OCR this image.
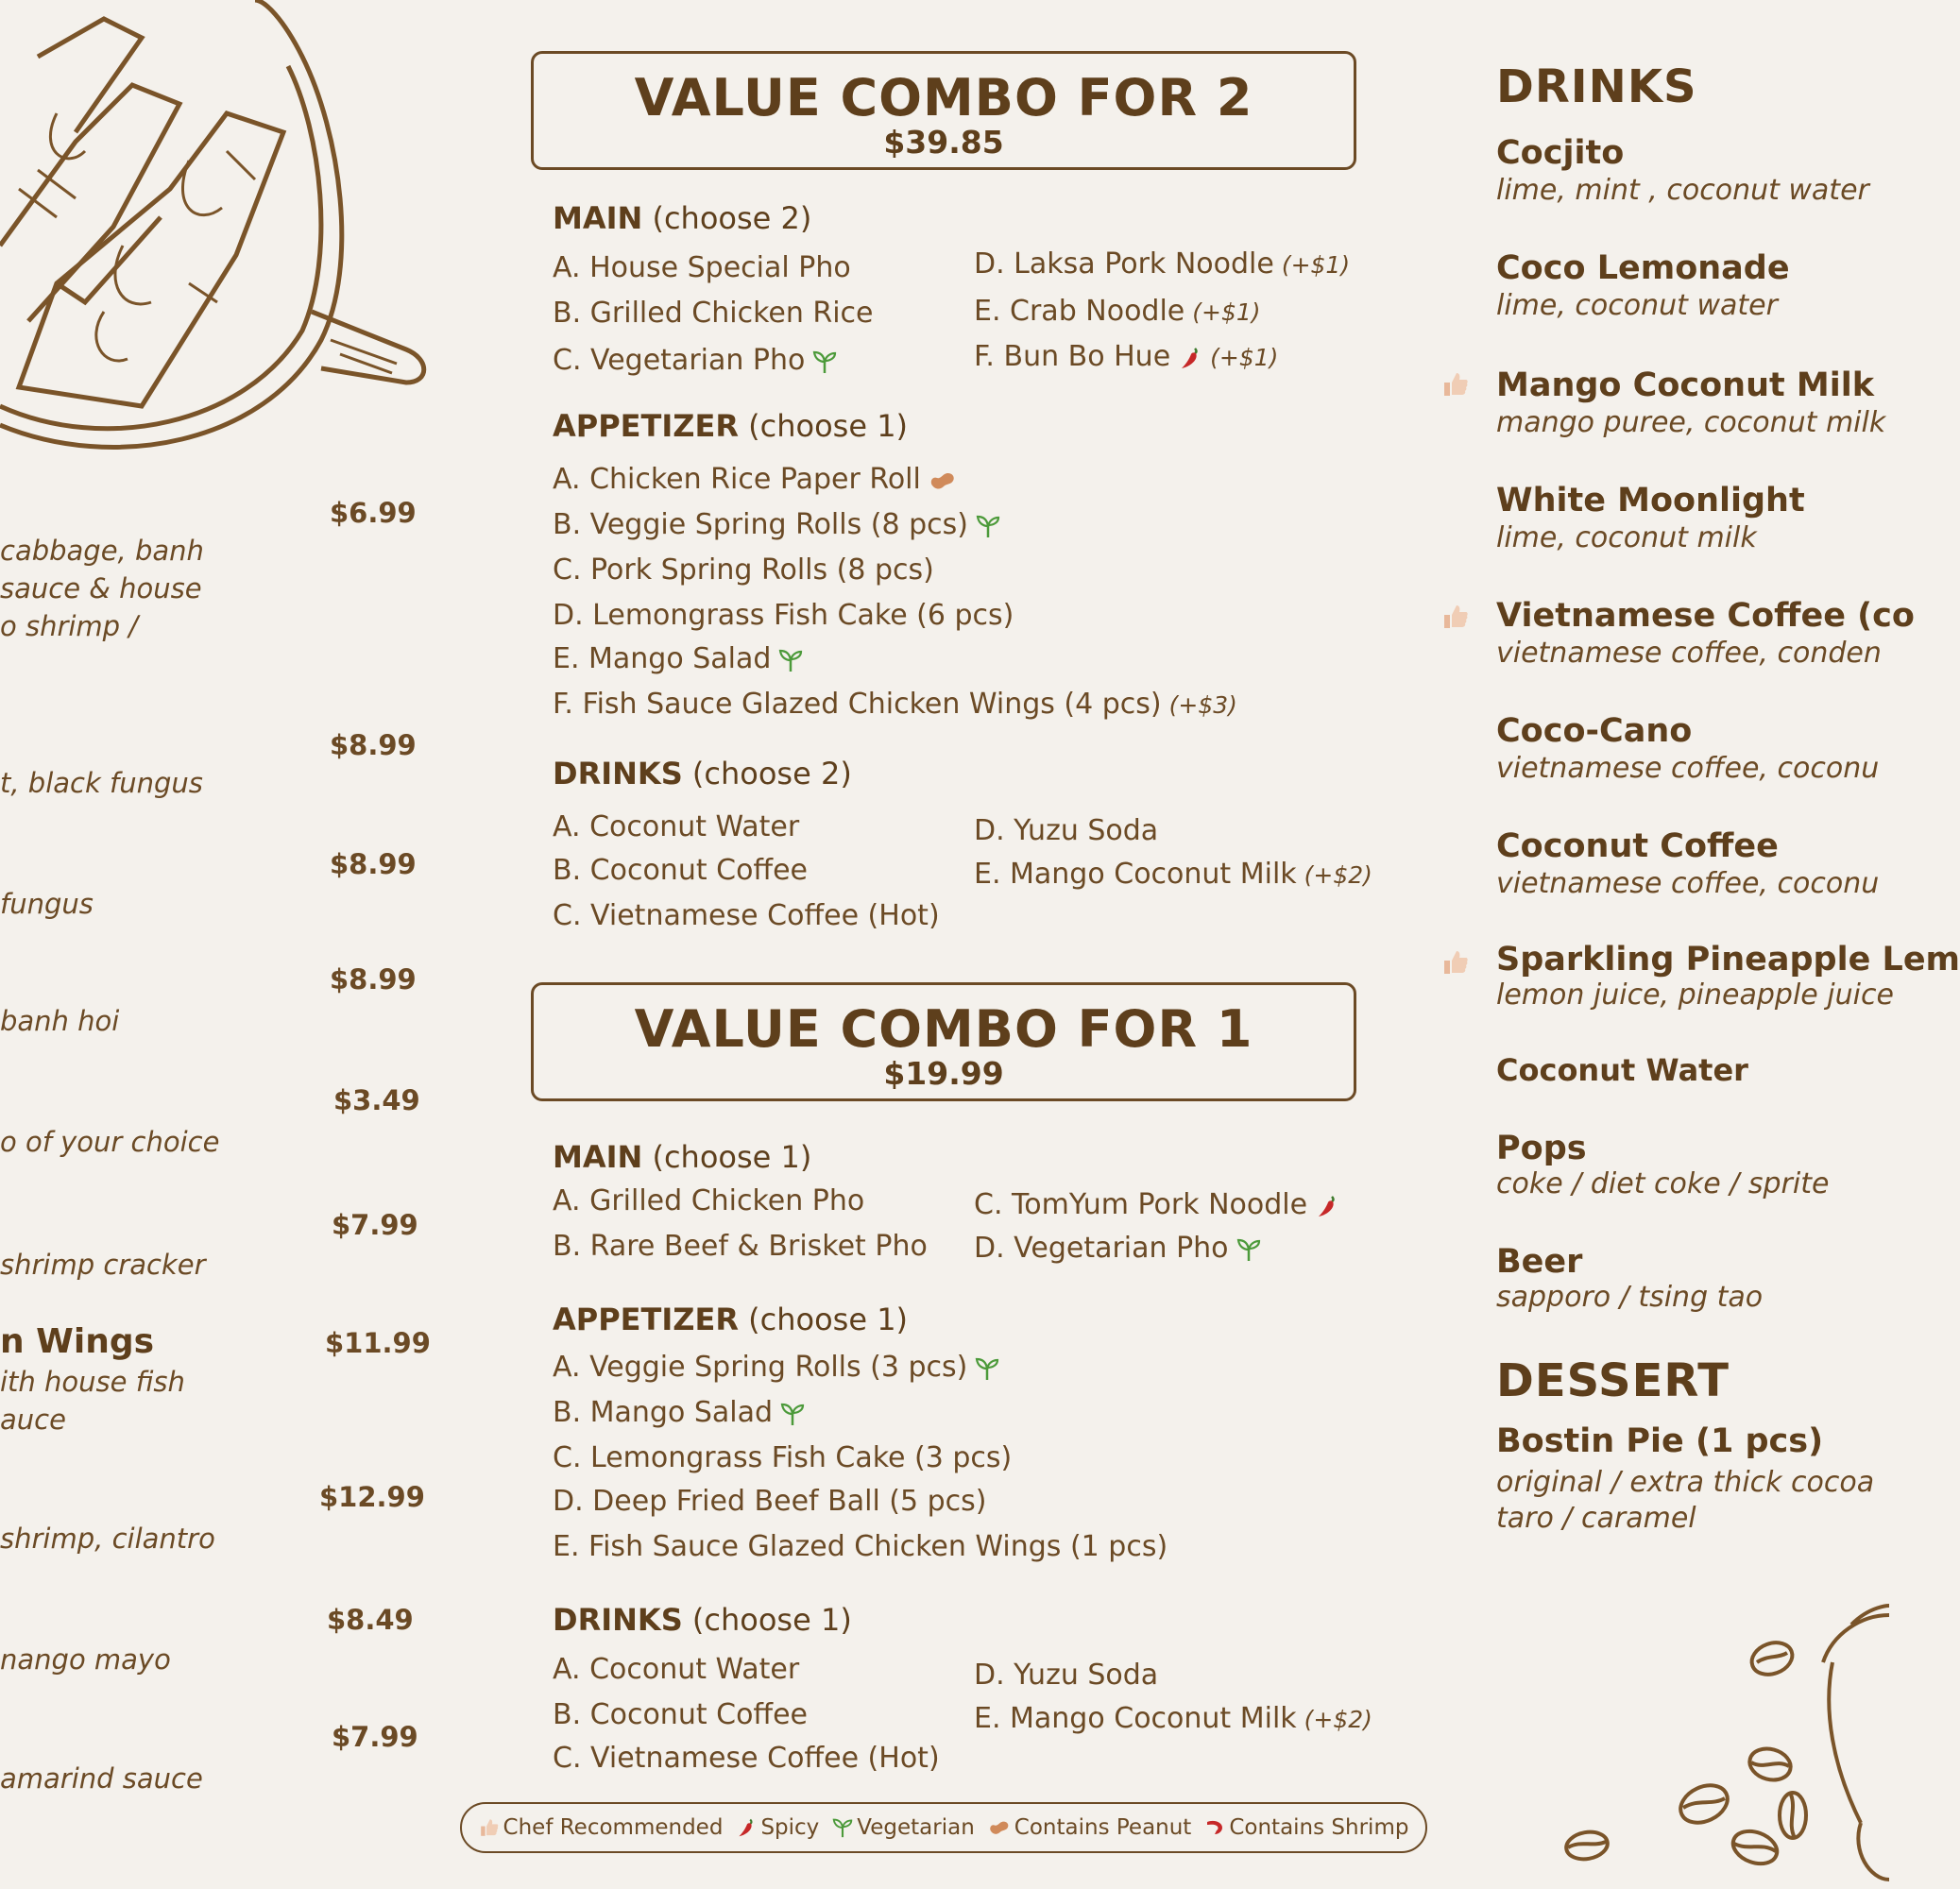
$6.99
cabbage, banh
sauce & house
o shrimp /
$8.99
t, black fungus
$8.99
fungus
$8.99
banh hoi
$3.49
o of your choice
$7.99
shrimp cracker
n Wings	$11.99
ith house fish
auce
$12.99
shrimp, cilantro
$8.49
nango mayo
$7.99
amarind sauce
VALUE COMBO FOR 2
$39.85
MAIN (choose 2)
A. House Special Pho
B. Grilled Chicken Rice
C. Vegetarian Pho
D. Laksa Pork Noodle (+$1)
E. Crab Noodle (+$1)
F. Bun Bo Hue (+$1)
APPETIZER (choose 1)
A. Chicken Rice Paper Roll
B. Veggie Spring Rolls (8 pcs)
C. Pork Spring Rolls (8 pcs)
D. Lemongrass Fish Cake (6 pcs)
E. Mango Salad
F. Fish Sauce Glazed Chicken Wings (4 pcs) (+$3)
DRINKS (choose 2)
A. Coconut Water
B. Coconut Coffee
C. Vietnamese Coffee (Hot)
D. Yuzu Soda
E. Mango Coconut Milk (+$2)
VALUE COMBO FOR 1
$19.99
MAIN (choose 1)
A. Grilled Chicken Pho
B. Rare Beef & Brisket Pho
C. TomYum Pork Noodle
D. Vegetarian Pho
APPETIZER (choose 1)
A. Veggie Spring Rolls (3 pcs)
B. Mango Salad
C. Lemongrass Fish Cake (3 pcs)
D. Deep Fried Beef Ball (5 pcs)
E. Fish Sauce Glazed Chicken Wings (1 pcs)
DRINKS (choose 1)
A. Coconut Water
B. Coconut Coffee
C. Vietnamese Coffee (Hot)
D. Yuzu Soda
E. Mango Coconut Milk (+$2)
DRINKS
Cocjito
lime, mint , coconut water
Coco Lemonade
lime, coconut water
Mango Coconut Milk
mango puree, coconut milk
White Moonlight
lime, coconut milk
Vietnamese Coffee (co
vietnamese coffee, conden
Coco-Cano
vietnamese coffee, coconu
Coconut Coffee
vietnamese coffee, coconu
Sparkling Pineapple Lem
lemon juice, pineapple juice
Coconut Water
Pops
coke / diet coke / sprite
Beer
sapporo / tsing tao
DESSERT
Bostin Pie (1 pcs)
original / extra thick cocoa
taro / caramel
Chef Recommended Spicy Vegetarian Contains Peanut Contains Shrimp
